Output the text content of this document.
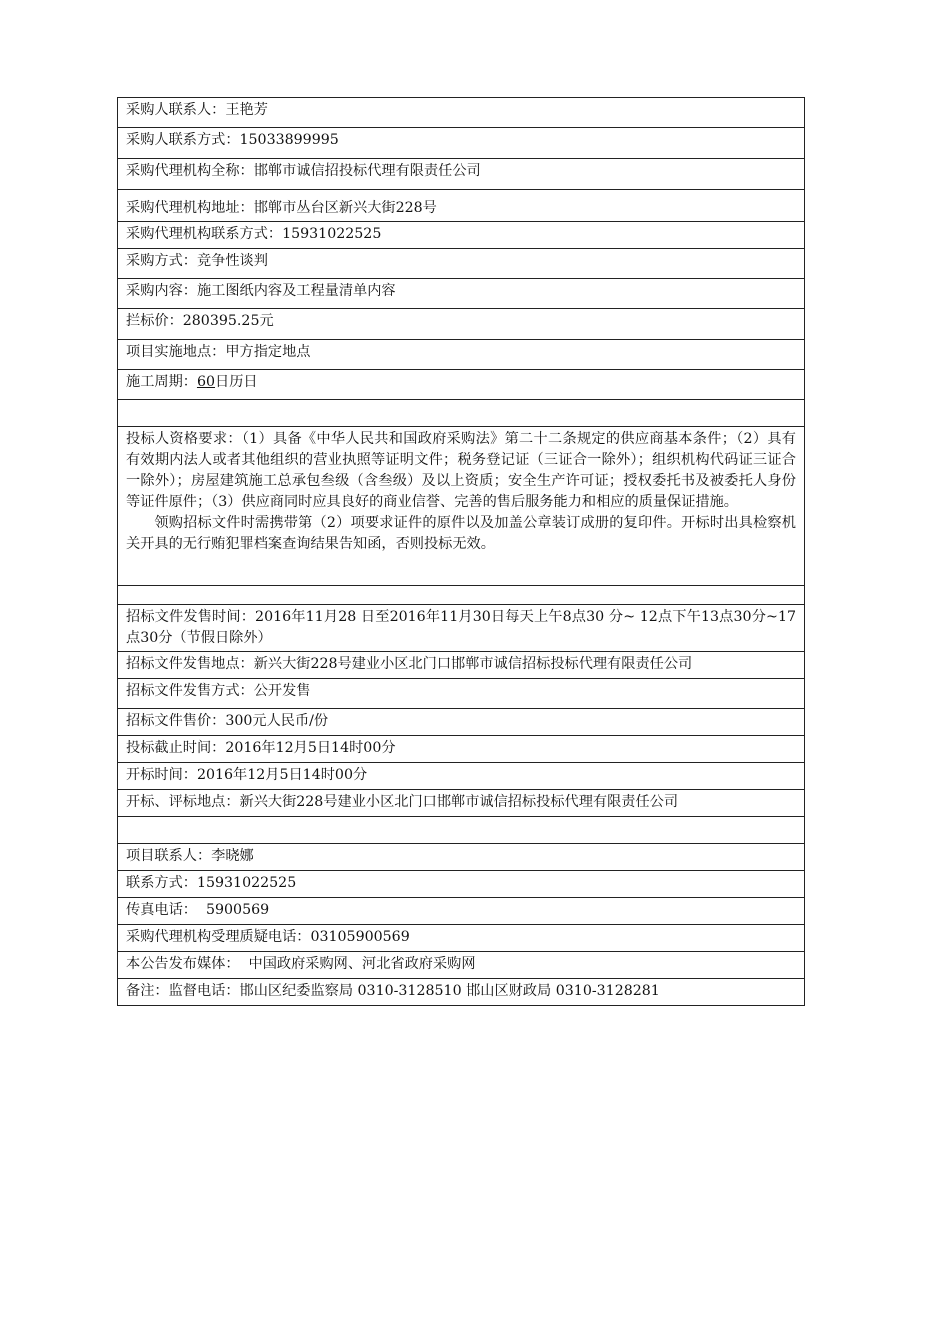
采购人联系人：王艳芳
采购人联系方式：15033899995
采购代理机构全称：邯郸市诚信招投标代理有限责任公司
采购代理机构地址：邯郸市丛台区新兴大街228号
采购代理机构联系方式：15931022525
采购方式：竞争性谈判
采购内容：施工图纸内容及工程量清单内容
拦标价：280395.25元
项目实施地点：甲方指定地点
施工周期：60日历日

投标人资格要求：（1）具备《中华人民共和国政府采购法》第二十二条规定的供应商基本条件；（2）具有有效期内法人或者其他组织的营业执照等证明文件；税务登记证（三证合一除外）；组织机构代码证三证合一除外）；房屋建筑施工总承包叁级（含叁级）及以上资质；安全生产许可证；授权委托书及被委托人身份等证件原件；（3）供应商同时应具良好的商业信誉、完善的售后服务能力和相应的质量保证措施。
领购招标文件时需携带第（2）项要求证件的原件以及加盖公章装订成册的复印件。开标时出具检察机关开具的无行贿犯罪档案查询结果告知函，否则投标无效。

招标文件发售时间：2016年11月28 日至2016年11月30日每天上午8点30 分~ 12点下午13点30分~17点30分（节假日除外）
招标文件发售地点：新兴大街228号建业小区北门口邯郸市诚信招标投标代理有限责任公司
招标文件发售方式：公开发售
招标文件售价：300元人民币/份
投标截止时间：2016年12月5日14时00分
开标时间：2016年12月5日14时00分
开标、评标地点：新兴大街228号建业小区北门口邯郸市诚信招标投标代理有限责任公司

项目联系人：李晓娜
联系方式：15931022525
传真电话：  5900569
采购代理机构受理质疑电话：03105900569
本公告发布媒体：  中国政府采购网、河北省政府采购网
备注：监督电话：邯山区纪委监察局 0310-3128510 邯山区财政局 0310-3128281
